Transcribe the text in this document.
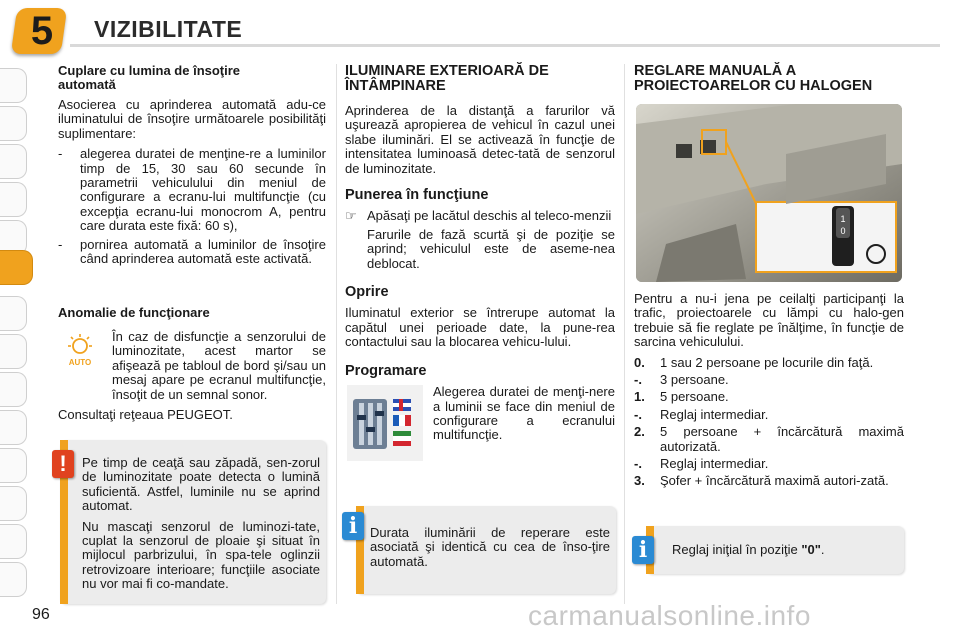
5	VIZIBILITATE
Cuplare cu lumina de însoţire
automată

Asocierea cu aprinderea automată adu-ce iluminatului de însoţire următoarele posibilităţi suplimentare:

-	alegerea duratei de menţine-re a luminilor timp de 15, 30 sau 60 secunde în parametrii vehiculului din meniul de configurare a ecranu-lui multifuncţie (cu excepţia ecranu-lui monocrom A, pentru care durata este fixă: 60 s),
-	pornirea automată a luminilor de însoţire când aprinderea automată este activată.
Anomalie de funcţionare
AUTO

În caz de disfuncţie a senzorului de luminozitate, acest martor se afişează pe tabloul de bord şi/sau un mesaj apare pe ecranul multifuncţie, însoţit de un semnal sonor.

Consultaţi reţeaua PEUGEOT.

Pe timp de ceaţă sau zăpadă, sen-zorul de luminozitate poate detecta o lumină suficientă. Astfel, luminile nu se aprind automat.

Nu mascaţi senzorul de luminozi-tate, cuplat la senzorul de ploaie şi situat în mijlocul parbrizului, în spa-tele oglinzii retrovizoare interioare; funcţiile asociate nu vor mai fi co-mandate.

!
ILUMINARE EXTERIOARĂ DE
ÎNTÂMPINARE

Aprinderea de la distanţă a farurilor vă uşurează apropierea de vehicul în cazul unei slabe iluminări. El se activează în funcţie de intensitatea luminoasă detec-tată de senzorul de luminozitate.

Punerea în funcţiune
☞ Apăsaţi pe lacătul deschis al teleco-menzii

Farurile de fază scurtă şi de poziţie se aprind; vehiculul este de aseme-nea deblocat.

Oprire

Iluminatul exterior se întrerupe automat la capătul unei perioade date, la pune-rea contactului sau la blocarea vehicu-lului.

Programare

Alegerea duratei de menţi-nere a luminii se face din meniul de configurare a ecranului multifuncţie.

Durata iluminării de reperare este asociată şi identică cu cea de înso-ţire automată.

i
REGLARE MANUALĂ A
PROIECTOARELOR CU HALOGEN
1
0

Pentru a nu-i jena pe ceilalţi participanţi la trafic, proiectoarele cu lămpi cu halo-gen trebuie să fie reglate pe înălţime, în funcţie de sarcina vehiculului.

0.	1 sau 2 persoane pe locurile din faţă.
-.	3 persoane.
1.	5 persoane.
-.	Reglaj intermediar.
2.	5 persoane + încărcătură maximă autorizată.
-.	Reglaj intermediar.
3.	Şofer + încărcătură maximă autori-zată.
Reglaj iniţial în poziţie "0".
i
96	carmanualsonline.info
